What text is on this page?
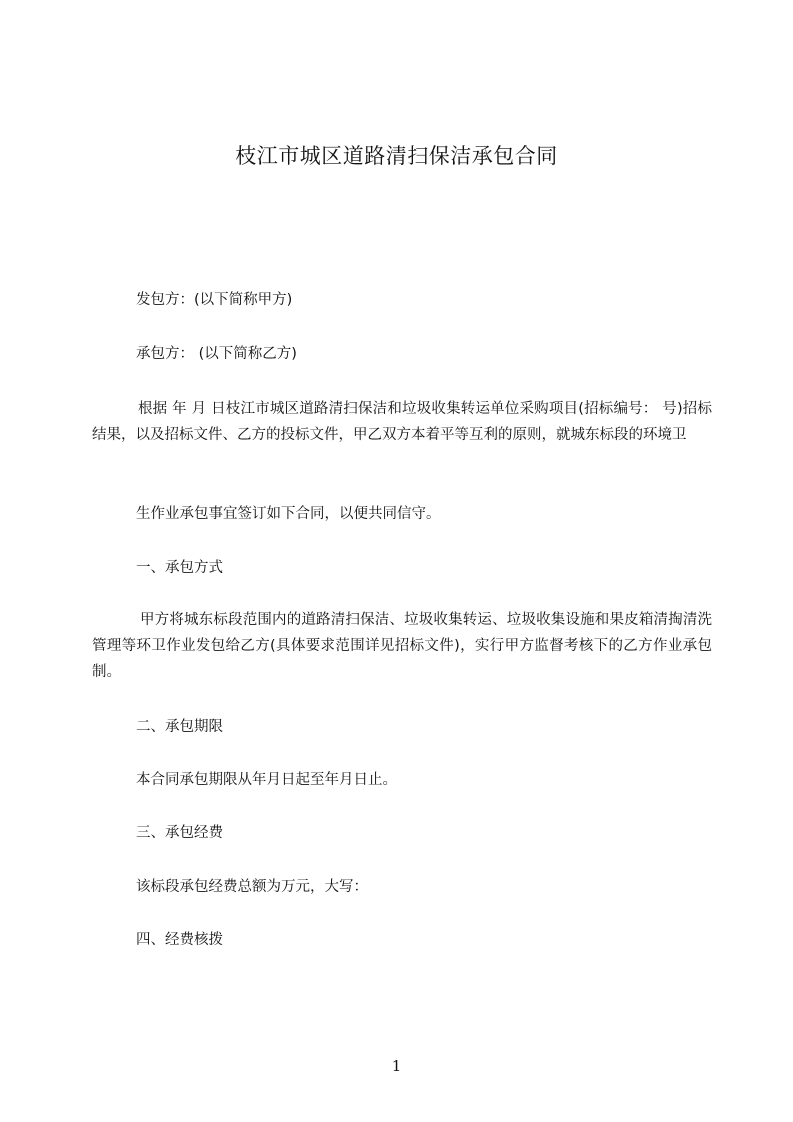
枝江市城区道路清扫保洁承包合同
发包方：(以下简称甲方)
承包方： (以下简称乙方)
根据 年 月 日枝江市城区道路清扫保洁和垃圾收集转运单位采购项目(招标编号： 号)招标结果，以及招标文件、乙方的投标文件，甲乙双方本着平等互利的原则，就城东标段的环境卫
生作业承包事宜签订如下合同，以便共同信守。
一、承包方式
甲方将城东标段范围内的道路清扫保洁、垃圾收集转运、垃圾收集设施和果皮箱清掏清洗管理等环卫作业发包给乙方(具体要求范围详见招标文件)，实行甲方监督考核下的乙方作业承包制。
二、承包期限
本合同承包期限从年月日起至年月日止。
三、承包经费
该标段承包经费总额为万元，大写：
四、经费核拨
1
